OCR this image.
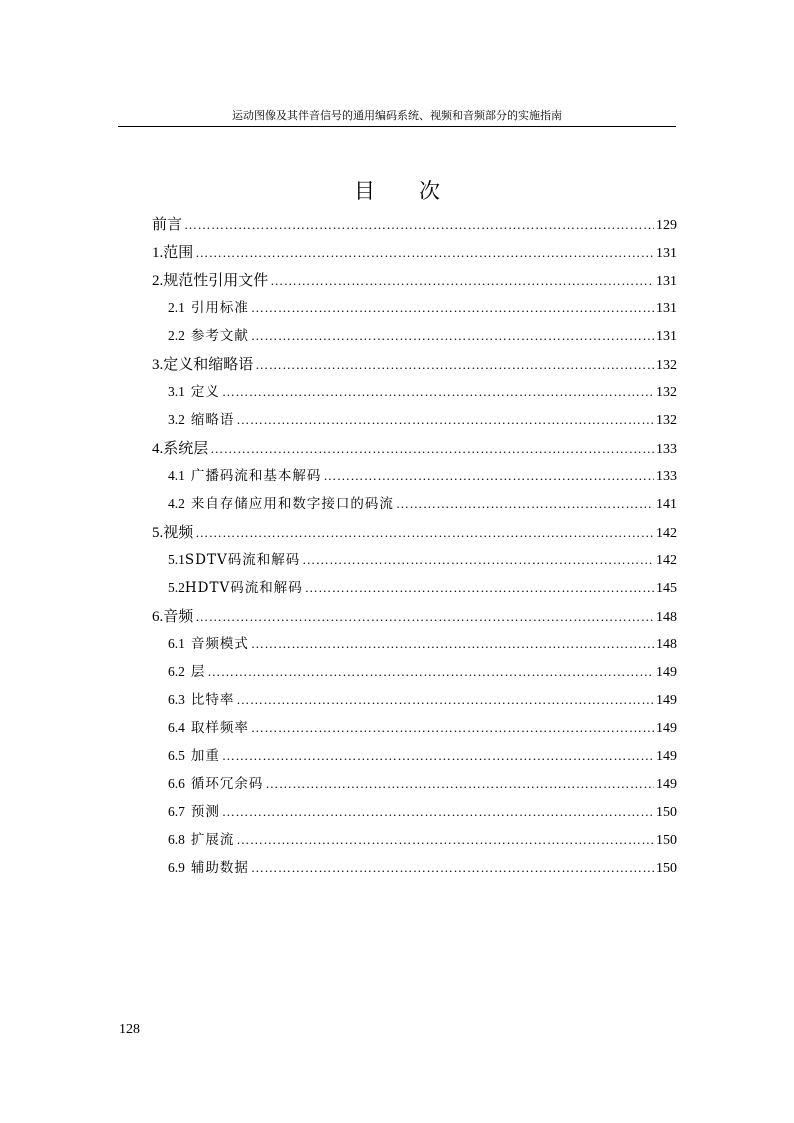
运动图像及其伴音信号的通用编码系统、视频和音频部分的实施指南
目次
前言 …………………………………………………………………………………………………………………………………………	129
1.范围 …………………………………………………………………………………………………………………………………………	131
2.规范性引用文件 …………………………………………………………………………………………………………………………………………	131
2.1 引用标准 …………………………………………………………………………………………………………………………………………	131
2.2 参考文献 …………………………………………………………………………………………………………………………………………	131
3.定义和缩略语 …………………………………………………………………………………………………………………………………………	132
3.1 定义 …………………………………………………………………………………………………………………………………………	132
3.2 缩略语 …………………………………………………………………………………………………………………………………………	132
4.系统层 …………………………………………………………………………………………………………………………………………	133
4.1 广播码流和基本解码 …………………………………………………………………………………………………………………………………………	133
4.2 来自存储应用和数字接口的码流 …………………………………………………………………………………………………………………………………………	141
5.视频 …………………………………………………………………………………………………………………………………………	142
5.1SDTV码流和解码 …………………………………………………………………………………………………………………………………………	142
5.2HDTV码流和解码 …………………………………………………………………………………………………………………………………………	145
6.音频 …………………………………………………………………………………………………………………………………………	148
6.1 音频模式 …………………………………………………………………………………………………………………………………………	148
6.2 层 …………………………………………………………………………………………………………………………………………	149
6.3 比特率 …………………………………………………………………………………………………………………………………………	149
6.4 取样频率 …………………………………………………………………………………………………………………………………………	149
6.5 加重 …………………………………………………………………………………………………………………………………………	149
6.6 循环冗余码 …………………………………………………………………………………………………………………………………………	149
6.7 预测 …………………………………………………………………………………………………………………………………………	150
6.8 扩展流 …………………………………………………………………………………………………………………………………………	150
6.9 辅助数据 …………………………………………………………………………………………………………………………………………	150
128
